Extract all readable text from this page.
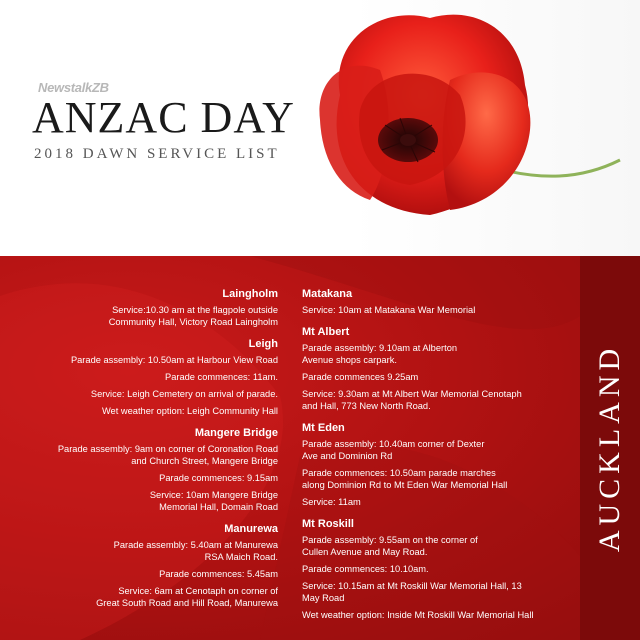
NewstalkZB
ANZAC DAY
2018 DAWN SERVICE LIST
Laingholm
Service:10.30 am at the flagpole outside
Community Hall, Victory Road Laingholm
Leigh
Parade assembly: 10.50am at Harbour View Road
Parade commences: 11am.
Service: Leigh Cemetery on arrival of parade.
Wet weather option: Leigh Community Hall
Mangere Bridge
Parade assembly: 9am on corner of Coronation Road
and Church Street, Mangere Bridge
Parade commences: 9.15am
Service: 10am Mangere Bridge
Memorial Hall, Domain Road
Manurewa
Parade assembly: 5.40am at Manurewa
RSA Maich Road.
Parade commences: 5.45am
Service: 6am at Cenotaph on corner of
Great South Road and Hill Road, Manurewa
Matakana
Service: 10am at Matakana War Memorial
Mt Albert
Parade assembly: 9.10am at Alberton
Avenue shops carpark.
Parade commences 9.25am
Service: 9.30am at Mt Albert War Memorial Cenotaph
and Hall, 773 New North Road.
Mt Eden
Parade assembly: 10.40am corner of Dexter
Ave and Dominion Rd
Parade commences: 10.50am parade marches
along Dominion Rd to Mt Eden War Memorial Hall
Service: 11am
Mt Roskill
Parade assembly: 9.55am on the corner of
Cullen Avenue and May Road.
Parade commences: 10.10am.
Service: 10.15am at Mt Roskill War Memorial Hall, 13
May Road
Wet weather option: Inside Mt Roskill War Memorial Hall
AUCKLAND
